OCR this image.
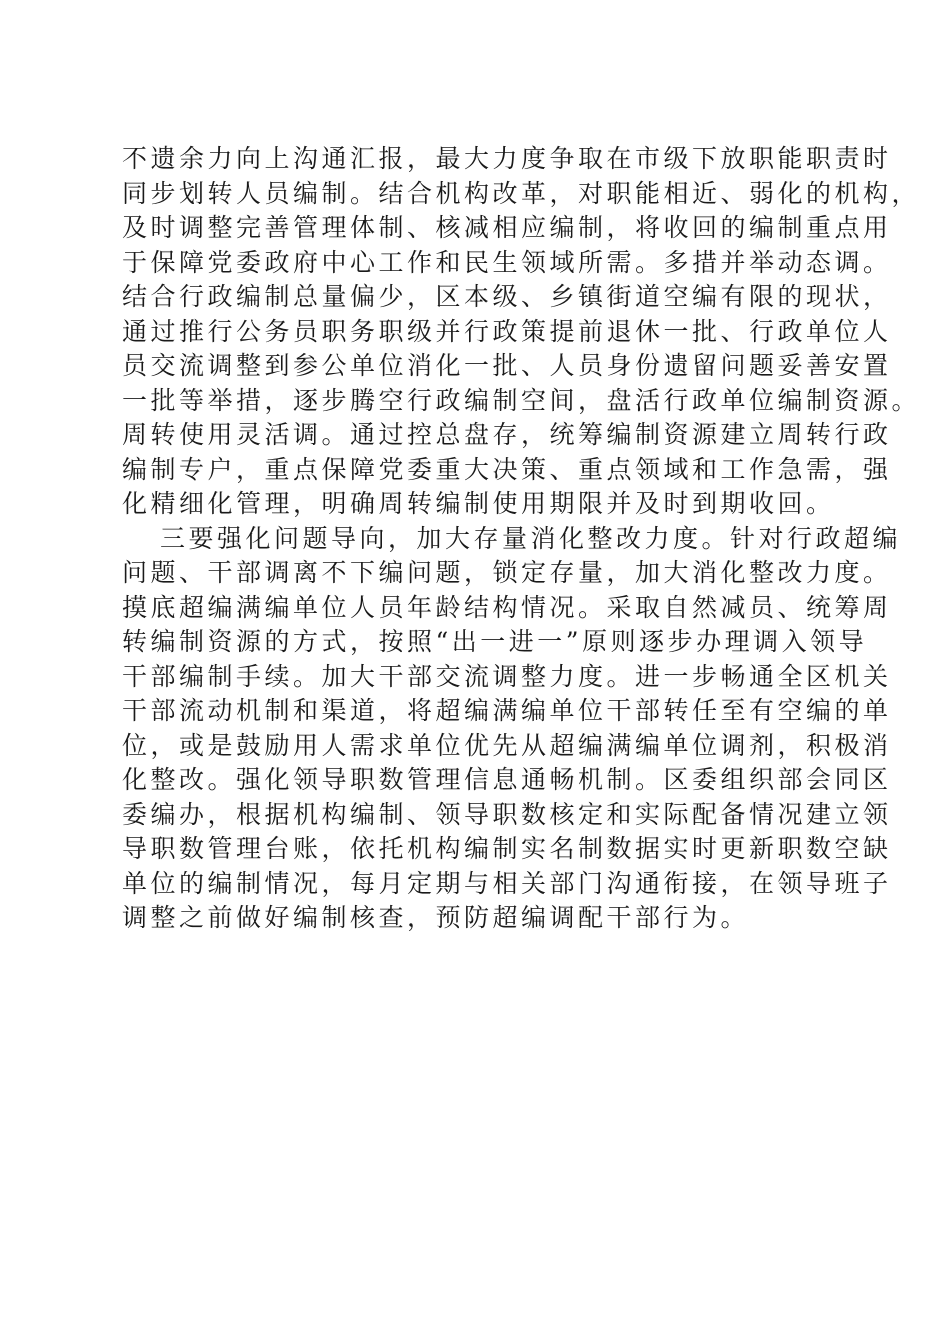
不遗余力向上沟通汇报，最大力度争取在市级下放职能职责时
同步划转人员编制。结合机构改革，对职能相近、弱化的机构，
及时调整完善管理体制、核减相应编制，将收回的编制重点用
于保障党委政府中心工作和民生领域所需。多措并举动态调。
结合行政编制总量偏少，区本级、乡镇街道空编有限的现状，
通过推行公务员职务职级并行政策提前退休一批、行政单位人
员交流调整到参公单位消化一批、人员身份遗留问题妥善安置
一批等举措，逐步腾空行政编制空间，盘活行政单位编制资源。
周转使用灵活调。通过控总盘存，统筹编制资源建立周转行政
编制专户，重点保障党委重大决策、重点领域和工作急需，强
化精细化管理，明确周转编制使用期限并及时到期收回。
三要强化问题导向，加大存量消化整改力度。针对行政超编
问题、干部调离不下编问题，锁定存量，加大消化整改力度。
摸底超编满编单位人员年龄结构情况。采取自然减员、统筹周
转编制资源的方式，按照“出一进一”原则逐步办理调入领导
干部编制手续。加大干部交流调整力度。进一步畅通全区机关
干部流动机制和渠道，将超编满编单位干部转任至有空编的单
位，或是鼓励用人需求单位优先从超编满编单位调剂，积极消
化整改。强化领导职数管理信息通畅机制。区委组织部会同区
委编办，根据机构编制、领导职数核定和实际配备情况建立领
导职数管理台账，依托机构编制实名制数据实时更新职数空缺
单位的编制情况，每月定期与相关部门沟通衔接，在领导班子
调整之前做好编制核查，预防超编调配干部行为。
